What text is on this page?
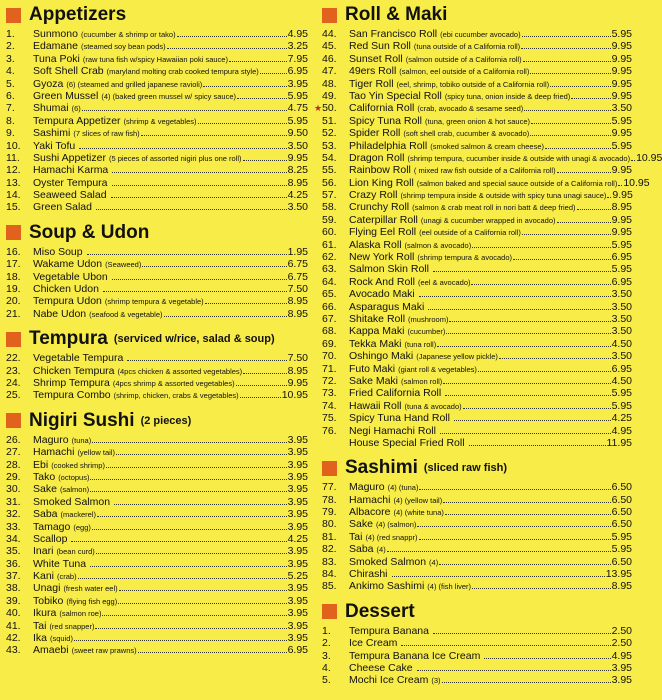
Appetizers
1.	Sunmono (cucumber & shrimp or tako)	4.95
2.	Edamane (steamed soy bean pods)	3.25
3.	Tuna Poki (raw tuna fish w/spicy Hawaiian poki sauce)	7.95
4.	Soft Shell Crab (maryland molting crab cooked tempura style)	6.95
5.	Gyoza (6) (steamed and grilled japanese ravioli)	3.95
6.	Green Mussel (4) (baked green mussel w/ spicy sauce)	5.95
7.	Shumai (6)	4.75
8.	Tempura Appetizer (shrimp & vegetables)	5.95
9.	Sashimi (7 slices of raw fish)	9.50
10.	Yaki Tofu	3.50
11.	Sushi Appetizer (5 pieces of assorted nigiri plus one roll)	9.95
12.	Hamachi Karma	8.25
13.	Oyster Tempura	8.95
14.	Seaweed Salad	4.25
15.	Green Salad	3.50
Soup & Udon
16.	Miso Soup	1.95
17.	Wakame Udon (Seaweed)	6.75
18.	Vegetable Ubon	6.75
19.	Chicken Udon	7.50
20.	Tempura Udon (shrimp tempura & vegetable)	8.95
21.	Nabe Udon (seafood & vegetable)	8.95
Tempura (serviced w/rice, salad & soup)
22.	Vegetable Tempura	7.50
23.	Chicken Tempura (4pcs chicken & assorted vegetables)	8.95
24.	Shrimp Tempura (4pcs shrimp & assorted vegetables)	9.95
25.	Tempura Combo (shrimp, chicken, crabs & vegetables)	10.95
Nigiri Sushi (2 pieces)
26.	Maguro (tuna)	3.95
27.	Hamachi (yellow tail)	3.95
28.	Ebi (cooked shrimp)	3.95
29.	Tako (octopus)	3.95
30.	Sake (salmon)	3.95
31.	Smoked Salmon	3.95
32.	Saba (mackerel)	3.95
33.	Tamago (egg)	3.95
34.	Scallop	4.25
35.	Inari (bean curd)	3.95
36.	White Tuna	3.95
37.	Kani (crab)	5.25
38.	Unagi (fresh water eel)	3.95
39.	Tobiko (flying fish egg)	3.95
40.	Ikura (salmon roe)	3.95
41.	Tai (red snapper)	3.95
42.	Ika (squid)	3.95
43.	Amaebi (sweet raw prawns)	6.95
Roll & Maki
44.	San Francisco Roll (ebi cucumber avocado)	5.95
45.	Red Sun Roll (tuna outside of a California roll)	9.95
46.	Sunset Roll (salmon outside of a California roll)	9.95
47.	49ers Roll (salmon, eel outside of a California roll)	9.95
48.	Tiger Roll (eel, shrimp, tobiko outside of a California roll)	9.95
49.	Tao Yin Special Roll (spicy tuna, onion inside & deep fried)	9.95
★50.	California Roll (crab, avocado & sesame seed)	3.50
51.	Spicy Tuna Roll (tuna, green onion & hot sauce)	5.95
52.	Spider Roll (soft shell crab, cucumber & avocado)	9.95
53.	Philadelphia Roll (smoked salmon & cream cheese)	5.95
54.	Dragon Roll (shrimp tempura, cucumber inside & outside with unagi & avocado) 10.95
55.	Rainbow Roll ( mixed raw fish outside of a California roll)	9.95
56.	Lion King Roll (salmon baked and special sauce outside of a California roll) 10.95
57.	Crazy Roll (shrimp tempura inside & outside with spicy tuna unagi sauce) 9.95
58.	Crunchy Roll (salmon & crab meat roll in nori batt & deep fried)	8.95
59.	Caterpillar Roll (unagi & cucumber wrapped in avocado)	9.95
60.	Flying Eel Roll (eel outside of a California roll)	9.95
61.	Alaska Roll (salmon & avocado)	5.95
62.	New York Roll (shrimp tempura & avocado)	6.95
63.	Salmon Skin Roll	5.95
64.	Rock And Roll (eel & avocado)	6.95
65.	Avocado Maki	3.50
66.	Asparagus Maki	3.50
67.	Shitake Roll (mushroom)	3.50
68.	Kappa Maki (cucumber)	3.50
69.	Tekka Maki (tuna roll)	4.50
70.	Oshingo Maki (Japanese yellow pickle)	3.50
71.	Futo Maki (giant roll & vegetables)	6.95
72.	Sake Maki (salmon roll)	4.50
73.	Fried California Roll	5.95
74.	Hawaii Roll (tuna & avocado)	5.95
75.	Spicy Tuna Hand Roll	4.25
76.	Negi Hamachi Roll	4.95
House Special Fried Roll	11.95
Sashimi (sliced raw fish)
77.	Maguro (4) (tuna)	6.50
78.	Hamachi (4) (yellow tail)	6.50
79.	Albacore (4) (white tuna)	6.50
80.	Sake (4) (salmon)	6.50
81.	Tai (4) (red snappr)	5.95
82.	Saba (4)	5.95
83.	Smoked Salmon (4)	6.50
84.	Chirashi	13.95
85.	Ankimo Sashimi (4) (fish liver)	8.95
Dessert
1.	Tempura Banana	2.50
2.	Ice Cream	2.50
3.	Tempura Banana Ice Cream	4.95
4.	Cheese Cake	3.95
5.	Mochi Ice Cream (3)	3.95
